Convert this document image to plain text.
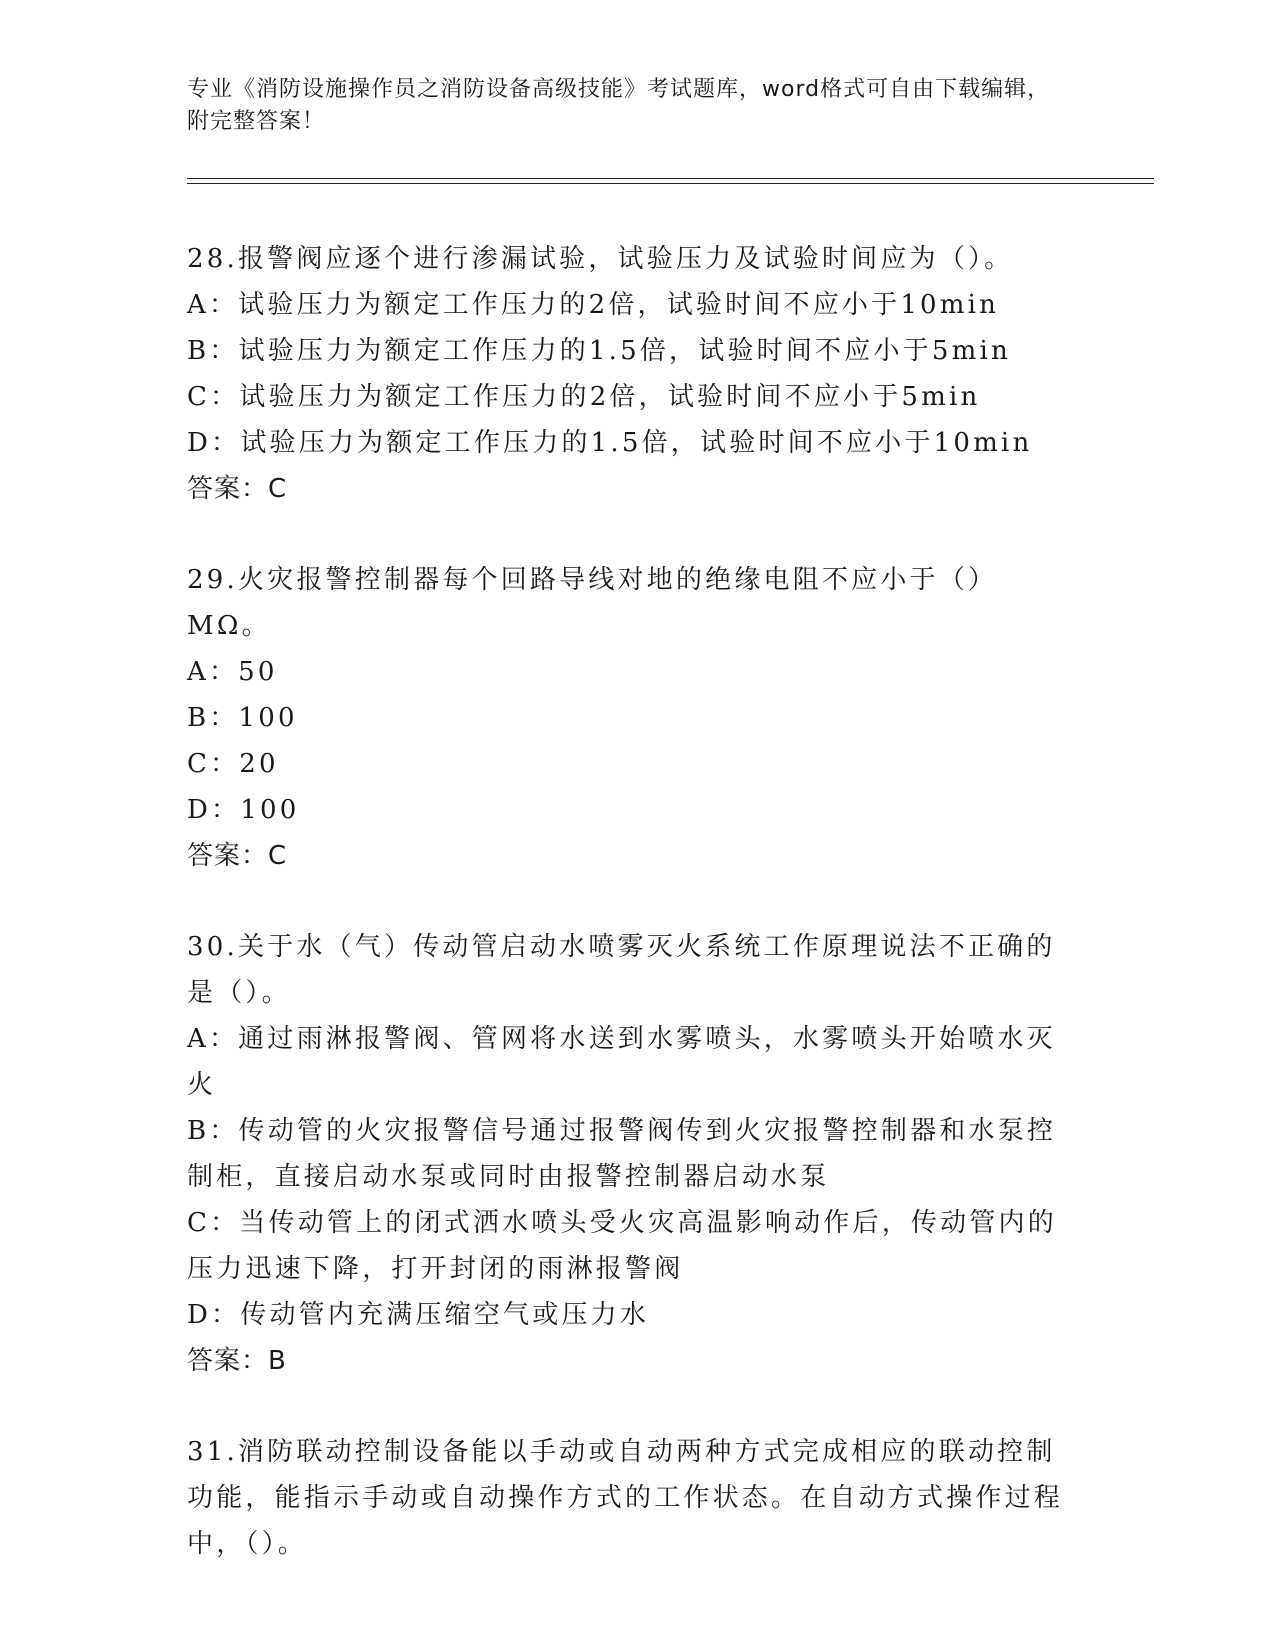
专业《消防设施操作员之消防设备高级技能》考试题库，word格式可自由下载编辑，附完整答案！
28.报警阀应逐个进行渗漏试验，试验压力及试验时间应为（）。
A：试验压力为额定工作压力的2倍，试验时间不应小于10min
B：试验压力为额定工作压力的1.5倍，试验时间不应小于5min
C：试验压力为额定工作压力的2倍，试验时间不应小于5min
D：试验压力为额定工作压力的1.5倍，试验时间不应小于10min
答案：C
29.火灾报警控制器每个回路导线对地的绝缘电阻不应小于（）MΩ。
A：50
B：100
C：20
D：100
答案：C
30.关于水（气）传动管启动水喷雾灭火系统工作原理说法不正确的是（）。
A：通过雨淋报警阀、管网将水送到水雾喷头，水雾喷头开始喷水灭火
B：传动管的火灾报警信号通过报警阀传到火灾报警控制器和水泵控制柜，直接启动水泵或同时由报警控制器启动水泵
C：当传动管上的闭式洒水喷头受火灾高温影响动作后，传动管内的压力迅速下降，打开封闭的雨淋报警阀
D：传动管内充满压缩空气或压力水
答案：B
31.消防联动控制设备能以手动或自动两种方式完成相应的联动控制功能，能指示手动或自动操作方式的工作状态。在自动方式操作过程中，（）。
